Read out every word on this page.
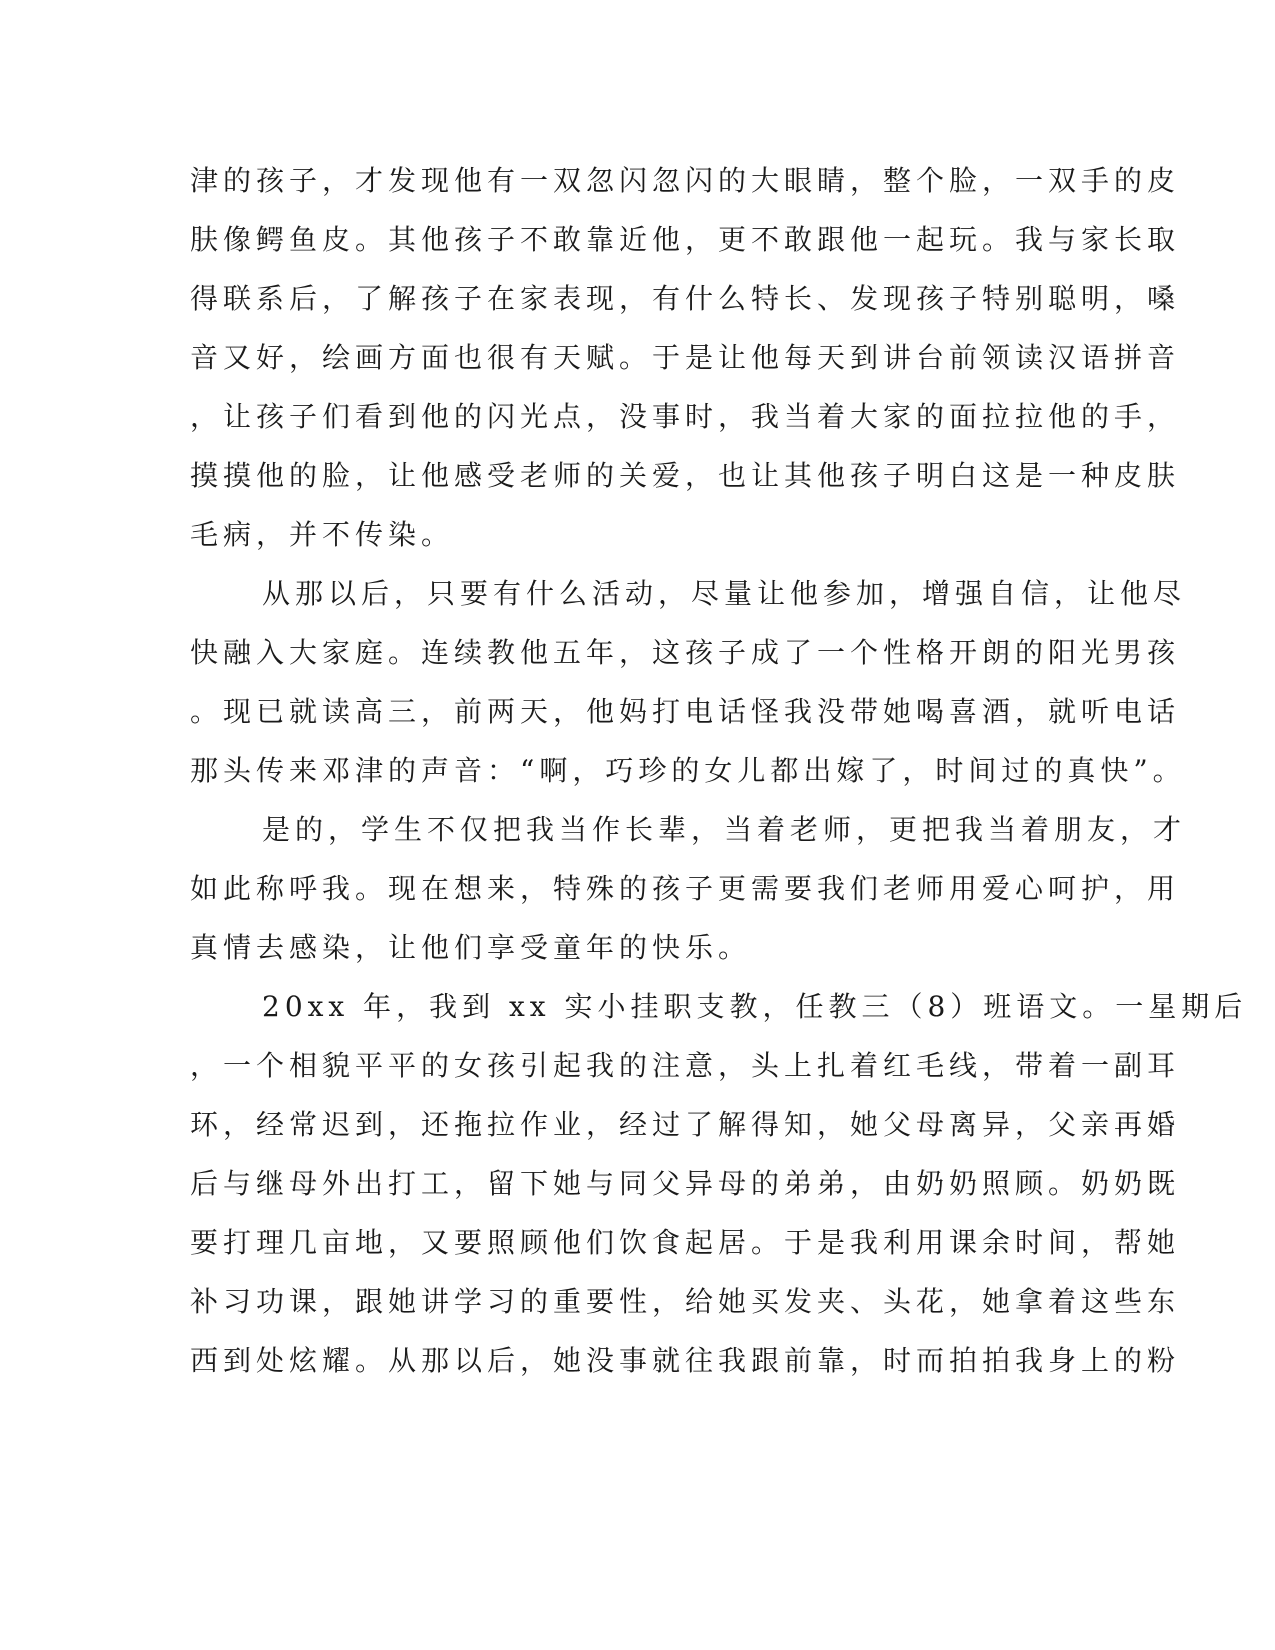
津的孩子，才发现他有一双忽闪忽闪的大眼睛，整个脸，一双手的皮
肤像鳄鱼皮。其他孩子不敢靠近他，更不敢跟他一起玩。我与家长取
得联系后，了解孩子在家表现，有什么特长、发现孩子特别聪明，嗓
音又好，绘画方面也很有天赋。于是让他每天到讲台前领读汉语拼音
，让孩子们看到他的闪光点，没事时，我当着大家的面拉拉他的手，
摸摸他的脸，让他感受老师的关爱，也让其他孩子明白这是一种皮肤
毛病，并不传染。
从那以后，只要有什么活动，尽量让他参加，增强自信，让他尽
快融入大家庭。连续教他五年，这孩子成了一个性格开朗的阳光男孩
。现已就读高三，前两天，他妈打电话怪我没带她喝喜酒，就听电话
那头传来邓津的声音：“啊，巧珍的女儿都出嫁了，时间过的真快”。
是的，学生不仅把我当作长辈，当着老师，更把我当着朋友，才
如此称呼我。现在想来，特殊的孩子更需要我们老师用爱心呵护，用
真情去感染，让他们享受童年的快乐。
20xx 年，我到 xx 实小挂职支教，任教三（8）班语文。一星期后
，一个相貌平平的女孩引起我的注意，头上扎着红毛线，带着一副耳
环，经常迟到，还拖拉作业，经过了解得知，她父母离异，父亲再婚
后与继母外出打工，留下她与同父异母的弟弟，由奶奶照顾。奶奶既
要打理几亩地，又要照顾他们饮食起居。于是我利用课余时间，帮她
补习功课，跟她讲学习的重要性，给她买发夹、头花，她拿着这些东
西到处炫耀。从那以后，她没事就往我跟前靠，时而拍拍我身上的粉
